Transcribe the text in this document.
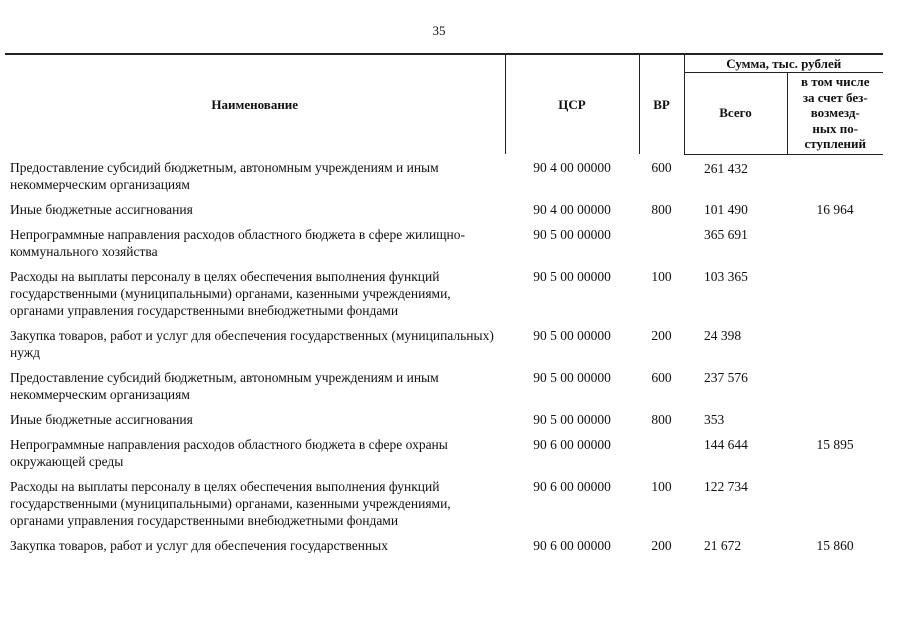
35
Наименование	ЦСР	ВР	Сумма, тыс. рублей	
			Всего	в том числе
за счет без-
возмезд-
ных по-
ступлений

Предоставление субсидий бюджетным, автономным учреждениям и иным некоммерческим организациям	90 4 00 00000	600	261 432	
Иные бюджетные ассигнования	90 4 00 00000	800	101 490	16 964
Непрограммные направления расходов областного бюджета в сфере жилищно-коммунального хозяйства	90 5 00 00000		365 691	
Расходы на выплаты персоналу в целях обеспечения выполнения функций государственными (муниципальными) органами, казенными учреждениями, органами управления государственными внебюджетными фондами	90 5 00 00000	100	103 365	
Закупка товаров, работ и услуг для обеспечения государственных (муниципальных) нужд	90 5 00 00000	200	24 398	
Предоставление субсидий бюджетным, автономным учреждениям и иным некоммерческим организациям	90 5 00 00000	600	237 576	
Иные бюджетные ассигнования	90 5 00 00000	800	353	
Непрограммные направления расходов областного бюджета в сфере охраны окружающей среды	90 6 00 00000		144 644	15 895
Расходы на выплаты персоналу в целях обеспечения выполнения функций государственными (муниципальными) органами, казенными учреждениями, органами управления государственными внебюджетными фондами	90 6 00 00000	100	122 734	
Закупка товаров, работ и услуг для обеспечения государственных	90 6 00 00000	200	21 672	15 860
